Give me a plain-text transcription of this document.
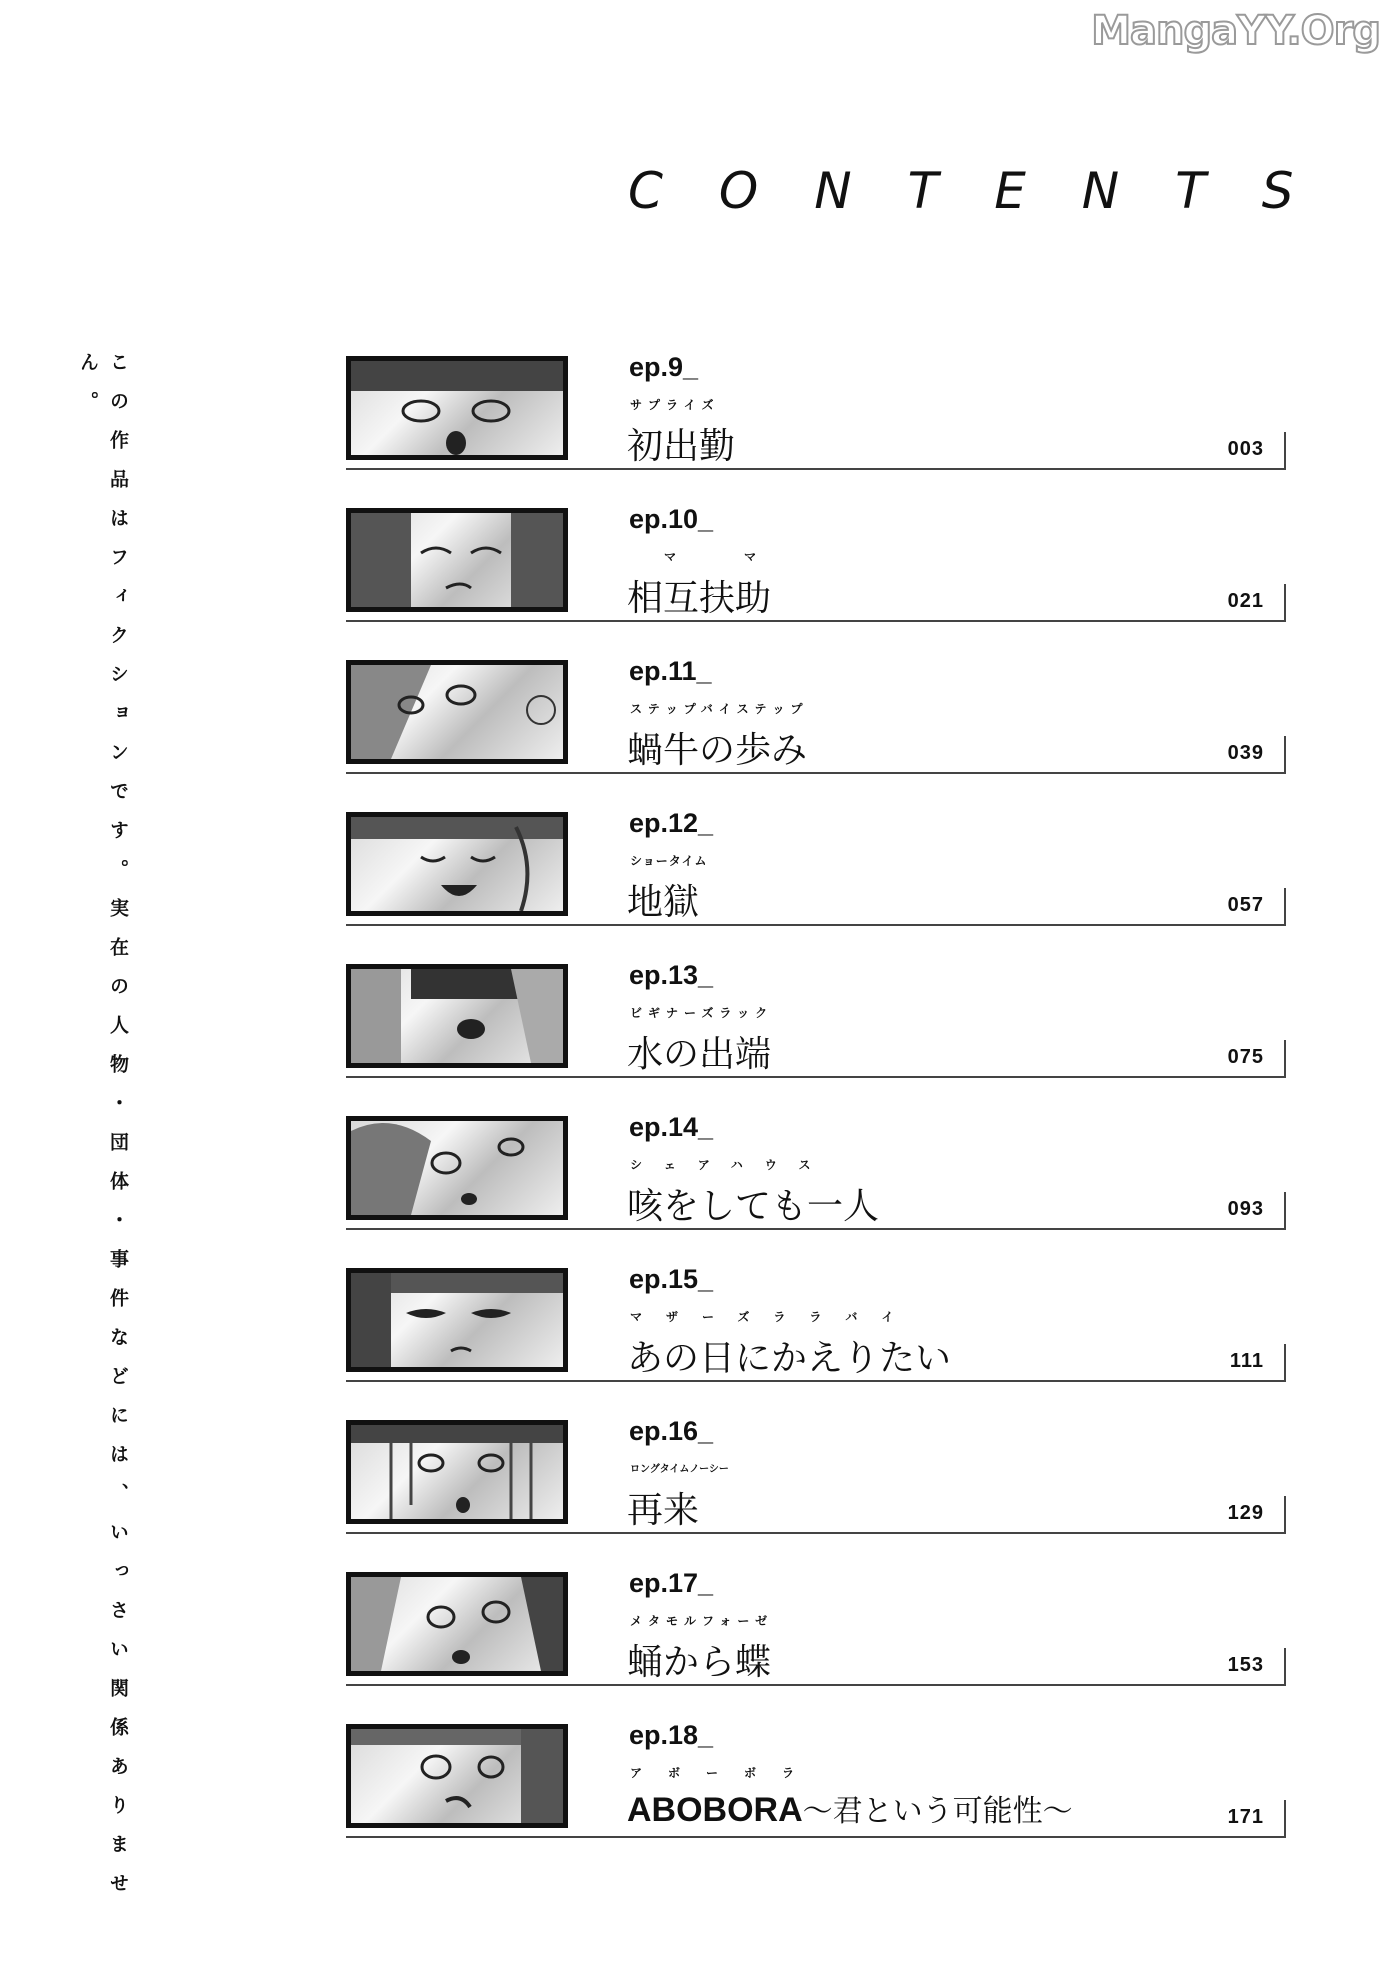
MangaYY.Org
CONTENTS
この作品はフィクションです。実在の人物・団体・事件などには、いっさい関係ありません。	ep.9_
サプライズ
初出勤	003
ep.10_
マ　マ
相互扶助	021
ep.11_
ステップバイステップ
蝸牛の歩み	039
ep.12_
ショータイム
地獄	057
ep.13_
ビギナーズラック
水の出端	075
ep.14_
シェアハウス
咳をしても一人	093
ep.15_
マザーズララバイ
あの日にかえりたい	111
ep.16_
ロングタイムノーシー
再来	129
ep.17_
メタモルフォーゼ
蛹から蝶	153
ep.18_
アボーボラ
ABOBORA～君という可能性～	171
